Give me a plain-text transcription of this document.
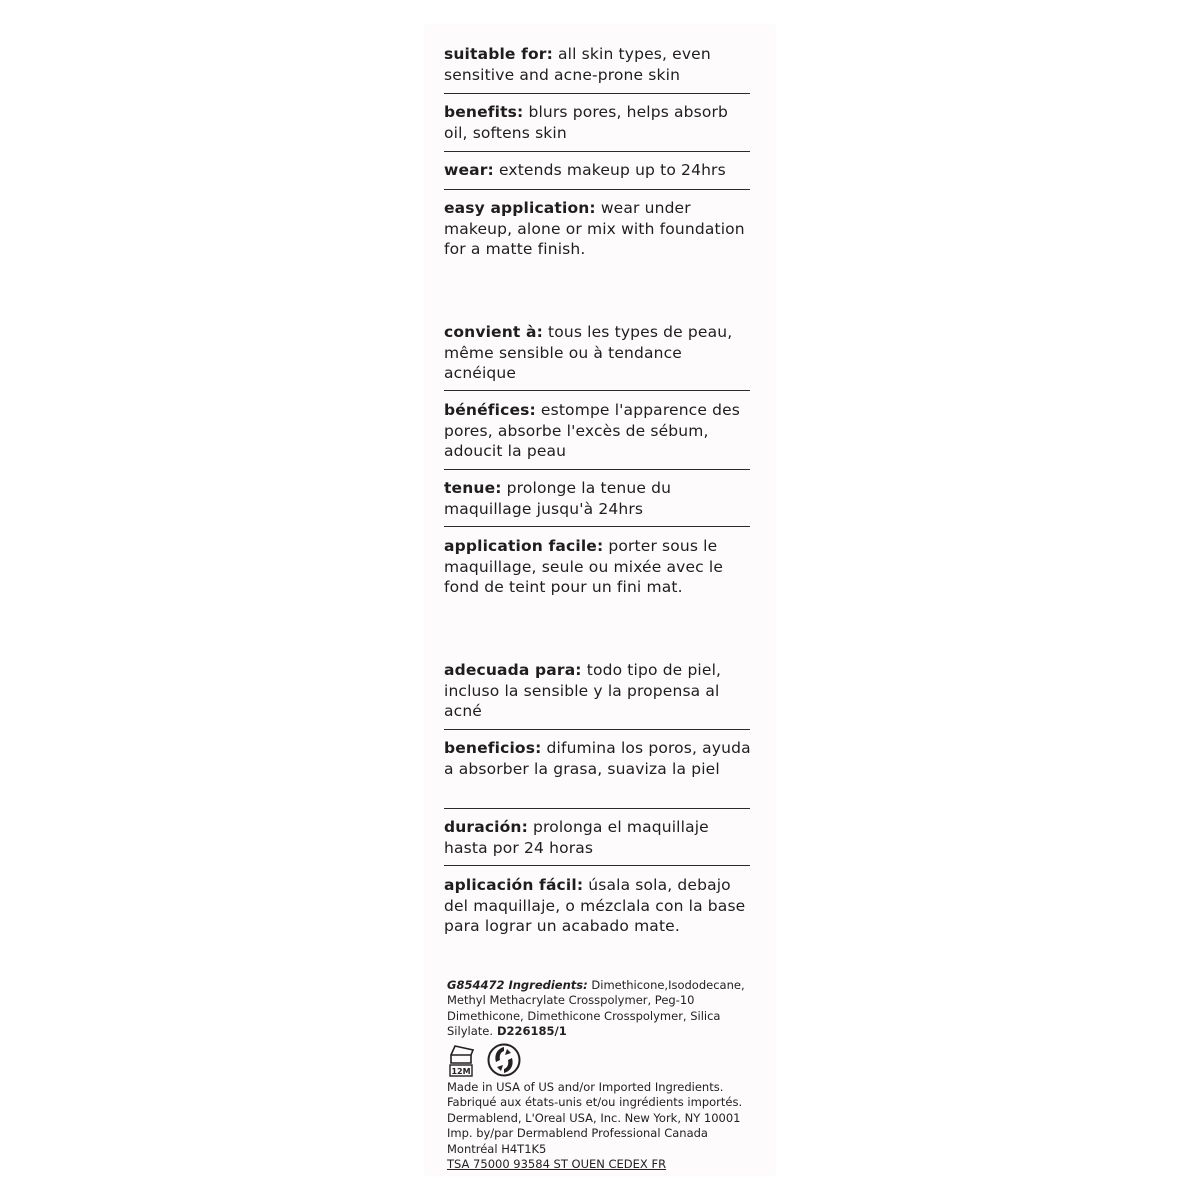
suitable for: all skin types, even sensitive and acne-prone skin

benefits: blurs pores, helps absorb oil, softens skin

wear: extends makeup up to 24hrs

easy application: wear under makeup, alone or mix with foundation for a matte finish.

convient à: tous les types de peau, même sensible ou à tendance acnéique

bénéfices: estompe l'apparence des pores, absorbe l'excès de sébum, adoucit la peau

tenue: prolonge la tenue du maquillage jusqu'à 24hrs

application facile: porter sous le maquillage, seule ou mixée avec le fond de teint pour un fini mat.

adecuada para: todo tipo de piel, incluso la sensible y la propensa al acné

beneficios: difumina los poros, ayuda a absorber la grasa, suaviza la piel

duración: prolonga el maquillaje hasta por 24 horas

aplicación fácil: úsala sola, debajo del maquillaje, o mézclala con la base para lograr un acabado mate.

G854472 Ingredients: Dimethicone,Isododecane, Methyl Methacrylate Crosspolymer, Peg-10 Dimethicone, Dimethicone Crosspolymer, Silica Silylate. D226185/1
12M
Made in USA of US and/or Imported Ingredients.
Fabriqué aux états-unis et/ou ingrédients importés.
Dermablend, L'Oreal USA, Inc. New York, NY 10001
Imp. by/par Dermablend Professional Canada
Montréal H4T1K5
TSA 75000 93584 ST OUEN CEDEX FR
